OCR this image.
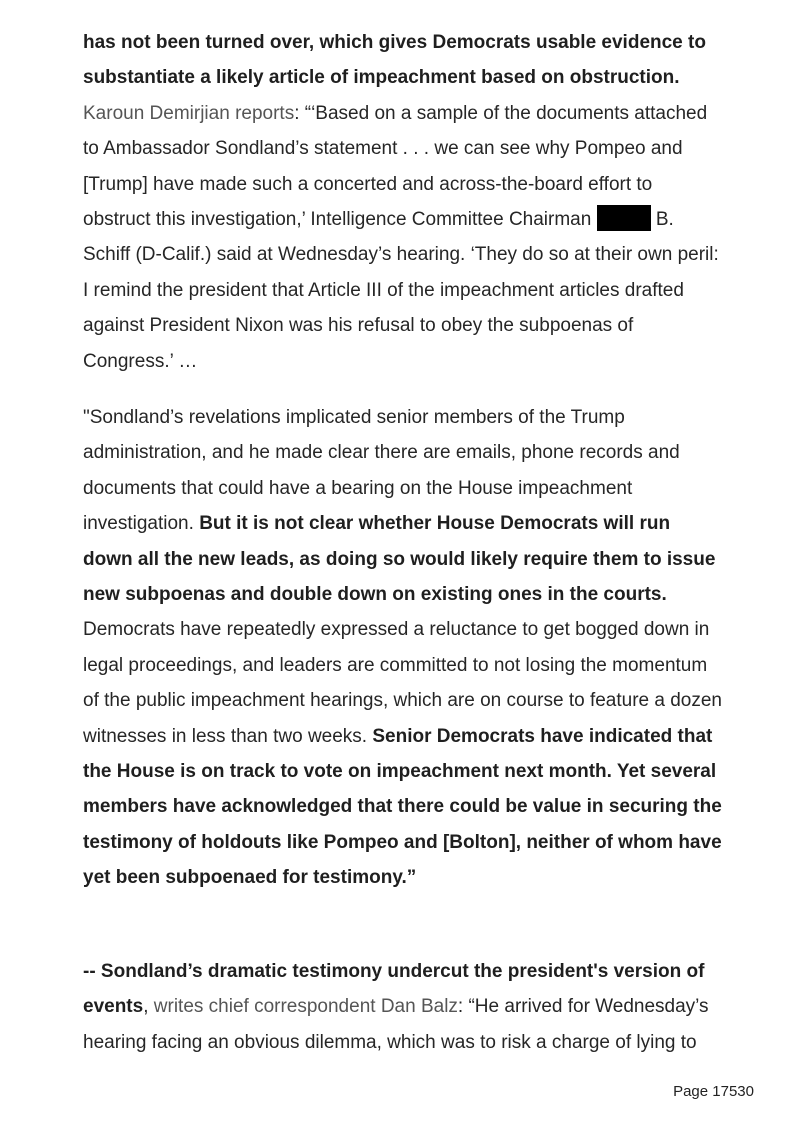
has not been turned over, which gives Democrats usable evidence to substantiate a likely article of impeachment based on obstruction. Karoun Demirjian reports: “‘Based on a sample of the documents attached to Ambassador Sondland’s statement . . . we can see why Pompeo and [Trump] have made such a concerted and across-the-board effort to obstruct this investigation,’ Intelligence Committee Chairman	B. Schiff (D-Calif.) said at Wednesday’s hearing. ‘They do so at their own peril: I remind the president that Article III of the impeachment articles drafted against President Nixon was his refusal to obey the subpoenas of Congress.’ …

"Sondland’s revelations implicated senior members of the Trump administration, and he made clear there are emails, phone records and documents that could have a bearing on the House impeachment investigation. But it is not clear whether House Democrats will run down all the new leads, as doing so would likely require them to issue new subpoenas and double down on existing ones in the courts. Democrats have repeatedly expressed a reluctance to get bogged down in legal proceedings, and leaders are committed to not losing the momentum of the public impeachment hearings, which are on course to feature a dozen witnesses in less than two weeks. Senior Democrats have indicated that the House is on track to vote on impeachment next month. Yet several members have acknowledged that there could be value in securing the testimony of holdouts like Pompeo and [Bolton], neither of whom have yet been subpoenaed for testimony.”

-- Sondland’s dramatic testimony undercut the president's version of events, writes chief correspondent Dan Balz: “He arrived for Wednesday’s hearing facing an obvious dilemma, which was to risk a charge of lying to

Page 17530
